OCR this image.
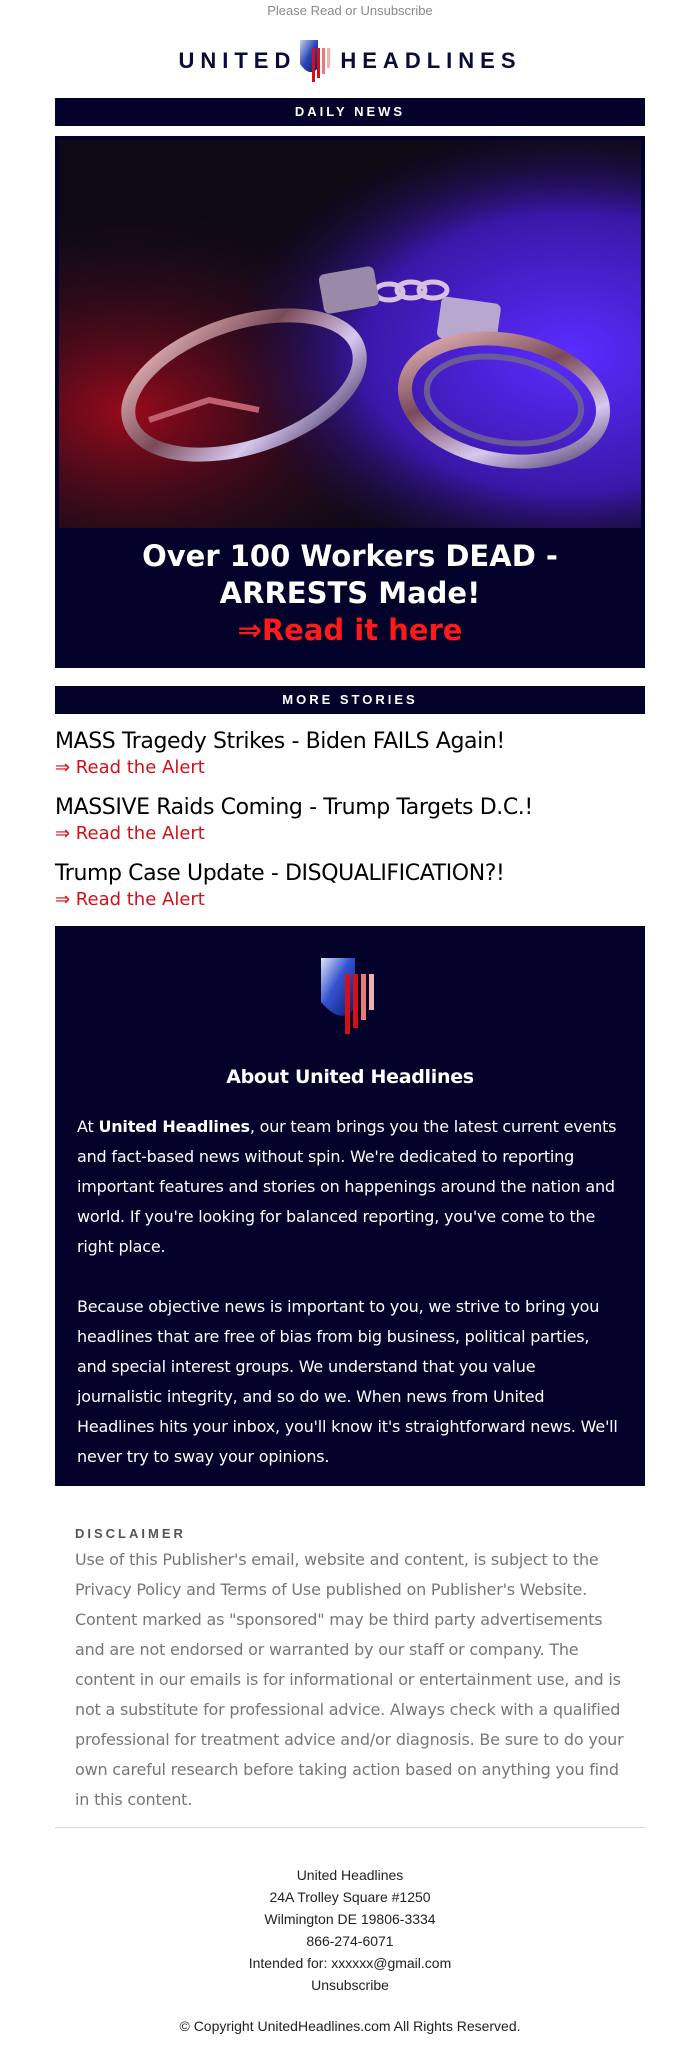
Please Read or Unsubscribe
UNITED HEADLINES
DAILY NEWS
Over 100 Workers DEAD - ARRESTS Made!
⇒Read it here
MORE STORIES
MASS Tragedy Strikes - Biden FAILS Again!
⇒ Read the Alert
MASSIVE Raids Coming - Trump Targets D.C.!
⇒ Read the Alert
Trump Case Update - DISQUALIFICATION?!
⇒ Read the Alert
About United Headlines

At United Headlines, our team brings you the latest current events and fact-based news without spin. We're dedicated to reporting important features and stories on happenings around the nation and world. If you're looking for balanced reporting, you've come to the right place.

Because objective news is important to you, we strive to bring you headlines that are free of bias from big business, political parties, and special interest groups. We understand that you value journalistic integrity, and so do we. When news from United Headlines hits your inbox, you'll know it's straightforward news. We'll never try to sway your opinions.

DISCLAIMER
Use of this Publisher's email, website and content, is subject to the Privacy Policy and Terms of Use published on Publisher's Website. Content marked as "sponsored" may be third party advertisements and are not endorsed or warranted by our staff or company. The content in our emails is for informational or entertainment use, and is not a substitute for professional advice. Always check with a qualified professional for treatment advice and/or diagnosis. Be sure to do your own careful research before taking action based on anything you find in this content.
United Headlines
24A Trolley Square #1250
Wilmington DE 19806-3334
866-274-6071
Intended for: xxxxxx@gmail.com
Unsubscribe
© Copyright UnitedHeadlines.com All Rights Reserved.
